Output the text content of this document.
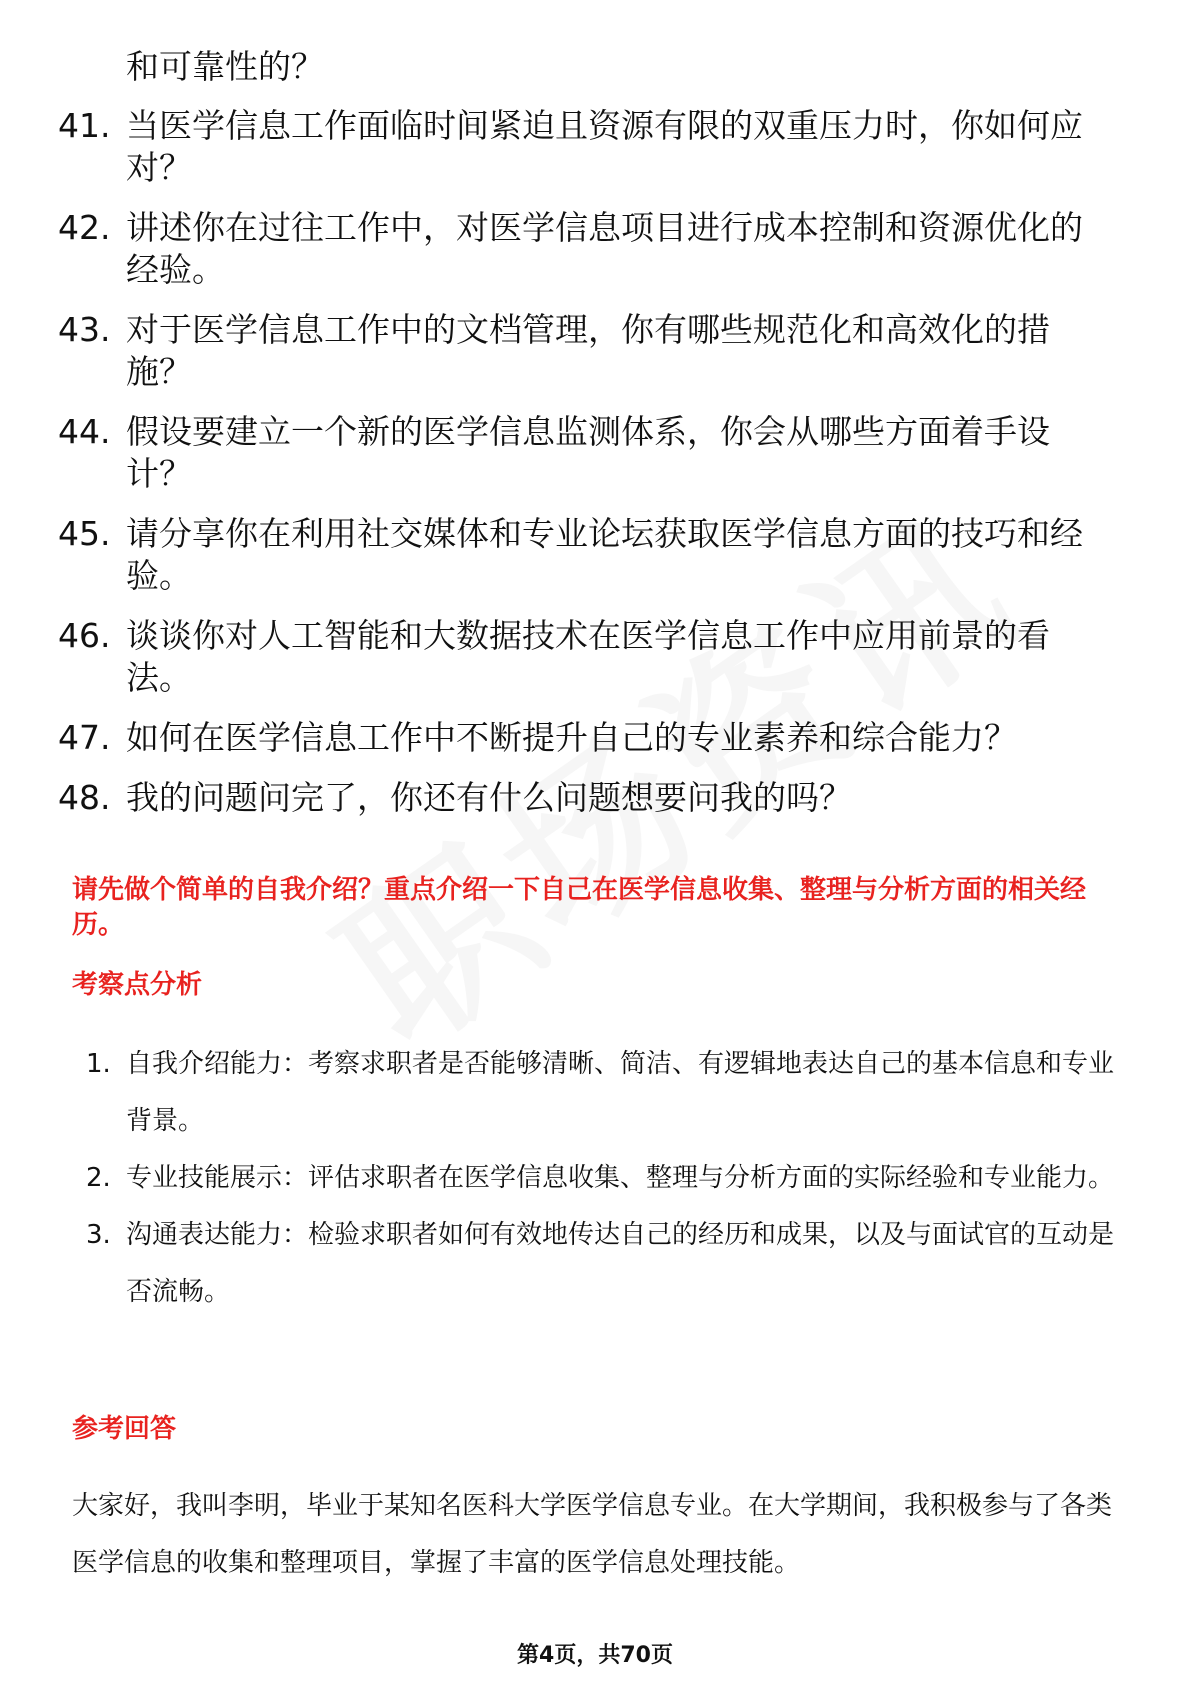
和可靠性的？
41. 当医学信息工作面临时间紧迫且资源有限的双重压力时，你如何应对？
42. 讲述你在过往工作中，对医学信息项目进行成本控制和资源优化的经验。
43. 对于医学信息工作中的文档管理，你有哪些规范化和高效化的措施？
44. 假设要建立一个新的医学信息监测体系，你会从哪些方面着手设计？
45. 请分享你在利用社交媒体和专业论坛获取医学信息方面的技巧和经验。
46. 谈谈你对人工智能和大数据技术在医学信息工作中应用前景的看法。
47. 如何在医学信息工作中不断提升自己的专业素养和综合能力？
48. 我的问题问完了，你还有什么问题想要问我的吗？
请先做个简单的自我介绍？重点介绍一下自己在医学信息收集、整理与分析方面的相关经历。
考察点分析
1. 自我介绍能力：考察求职者是否能够清晰、简洁、有逻辑地表达自己的基本信息和专业背景。
2. 专业技能展示：评估求职者在医学信息收集、整理与分析方面的实际经验和专业能力。
3. 沟通表达能力：检验求职者如何有效地传达自己的经历和成果，以及与面试官的互动是否流畅。
参考回答
大家好，我叫李明，毕业于某知名医科大学医学信息专业。在大学期间，我积极参与了各类医学信息的收集和整理项目，掌握了丰富的医学信息处理技能。
第4页，共70页
